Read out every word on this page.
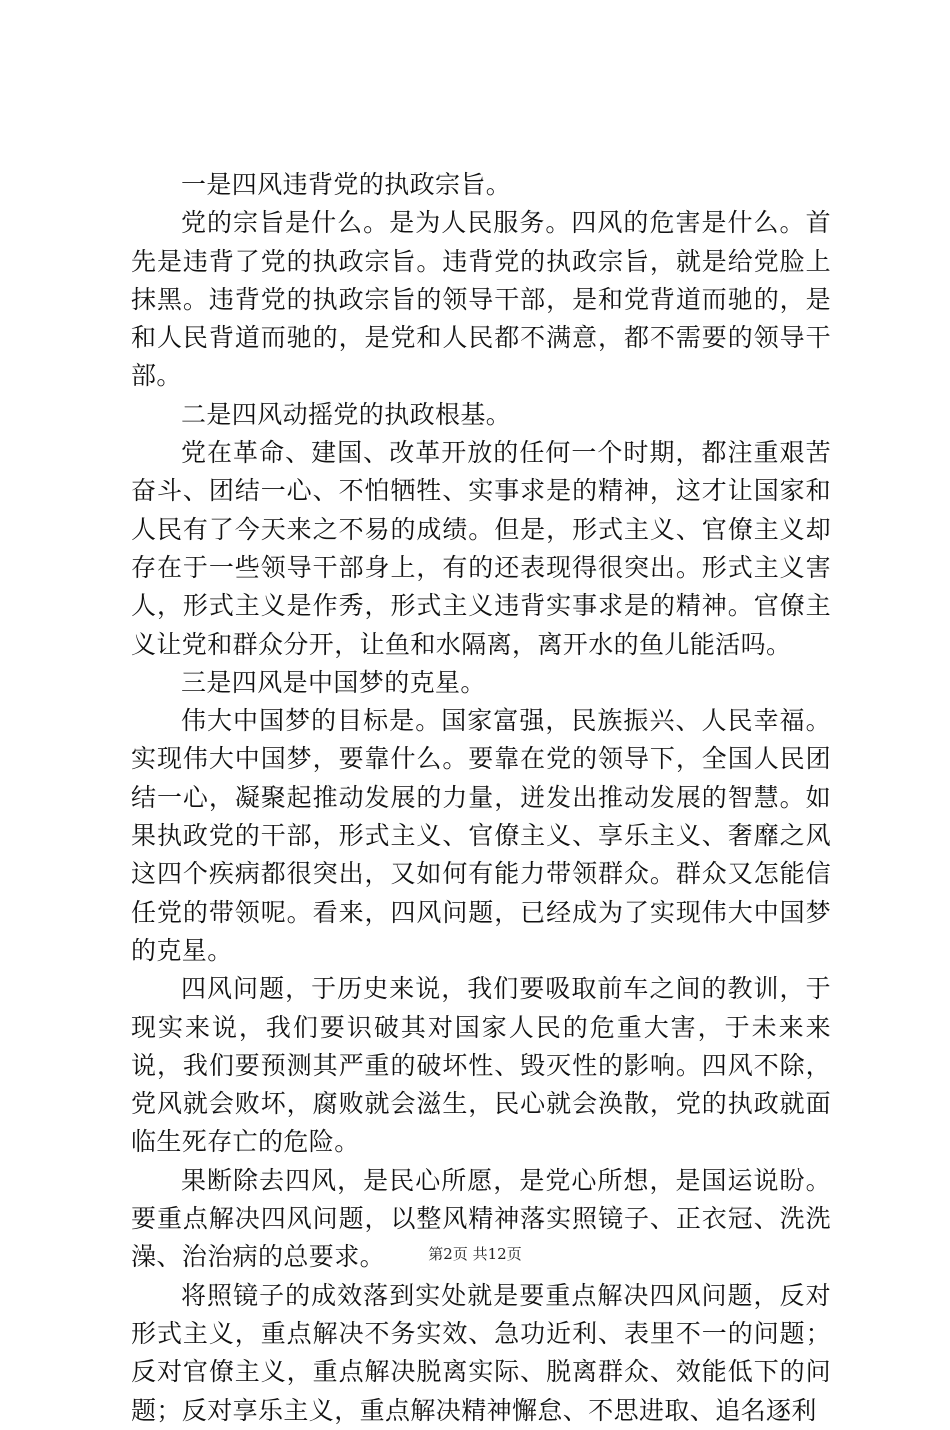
一是四风违背党的执政宗旨。

党的宗旨是什么。是为人民服务。四风的危害是什么。首先是违背了党的执政宗旨。违背党的执政宗旨，就是给党脸上抹黑。违背党的执政宗旨的领导干部，是和党背道而驰的，是和人民背道而驰的，是党和人民都不满意，都不需要的领导干部。

二是四风动摇党的执政根基。

党在革命、建国、改革开放的任何一个时期，都注重艰苦奋斗、团结一心、不怕牺牲、实事求是的精神，这才让国家和人民有了今天来之不易的成绩。但是，形式主义、官僚主义却存在于一些领导干部身上，有的还表现得很突出。形式主义害人，形式主义是作秀，形式主义违背实事求是的精神。官僚主义让党和群众分开，让鱼和水隔离，离开水的鱼儿能活吗。

三是四风是中国梦的克星。

伟大中国梦的目标是。国家富强，民族振兴、人民幸福。实现伟大中国梦，要靠什么。要靠在党的领导下，全国人民团结一心，凝聚起推动发展的力量，迸发出推动发展的智慧。如果执政党的干部，形式主义、官僚主义、享乐主义、奢靡之风这四个疾病都很突出，又如何有能力带领群众。群众又怎能信任党的带领呢。看来，四风问题，已经成为了实现伟大中国梦的克星。

四风问题，于历史来说，我们要吸取前车之间的教训，于现实来说，我们要识破其对国家人民的危重大害，于未来来说，我们要预测其严重的破坏性、毁灭性的影响。四风不除，党风就会败坏，腐败就会滋生，民心就会涣散，党的执政就面临生死存亡的危险。

果断除去四风，是民心所愿，是党心所想，是国运说盼。要重点解决四风问题，以整风精神落实照镜子、正衣冠、洗洗澡、治治病的总要求。

将照镜子的成效落到实处就是要重点解决四风问题，反对形式主义，重点解决不务实效、急功近利、表里不一的问题；反对官僚主义，重点解决脱离实际、脱离群众、效能低下的问题；反对享乐主义，重点解决精神懈怠、不思进取、追名逐利

第2页 共12页
